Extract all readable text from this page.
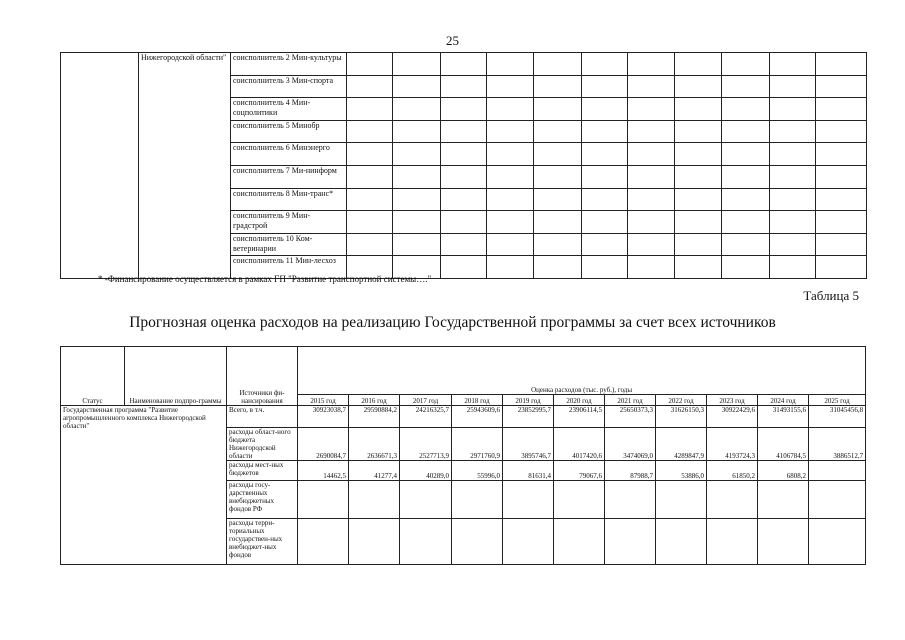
25
	Нижегородской области"	соисполнитель 2 Мин-культуры											
		соисполнитель 3 Мин-спорта											
		соисполнитель 4 Мин-соцполитики											
		соисполнитель 5 Минобр											
		соисполнитель 6 Минэнерго											
		соисполнитель 7 Ми-нинформ											
		соисполнитель 8 Мин-транс*											
		соисполнитель 9 Мин-градстрой											
		соисполнитель 10 Ком-ветеринарии											
		соисполнитель 11 Мин-лесхоз											
* -Финансирование осуществляется в рамках ГП "Развитие транспортной системы…."
Таблица 5
Прогнозная оценка расходов на реализацию Государственной программы за счет всех источников
Статус	Наименование подпро-граммы	Источники фи-нансирования	Оценка расходов (тыс. руб.), годы										
			2015 год	2016 год	2017 год	2018 год	2019 год	2020 год	2021 год	2022 год	2023 год	2024 год	2025 год
Государственная программа "Развитие агропромышленного комплекса Нижегородской области"		Всего, в т.ч.	30923038,7	29590884,2	24216325,7	25943609,6	23852995,7	23906114,5	25650373,3	31626150,3	30922429,6	31493155,6	31045456,8
		расходы област-ного бюджета Нижегородской области	2690084,7	2636671,3	2527713,9	2971760,9	3895746,7	4017420,6	3474069,0	4289847,9	4193724,3	4106784,5	3886512,7
		расходы мест-ных бюджетов	14462,5	41277,4	40289,0	55996,0	81631,4	79067,6	87988,7	53886,0	61850,2	6808,2	
		расходы госу-дарственных внебюджетных фондов РФ											
		расходы терри-ториальных государствен-ных внебюджет-ных фондов											
